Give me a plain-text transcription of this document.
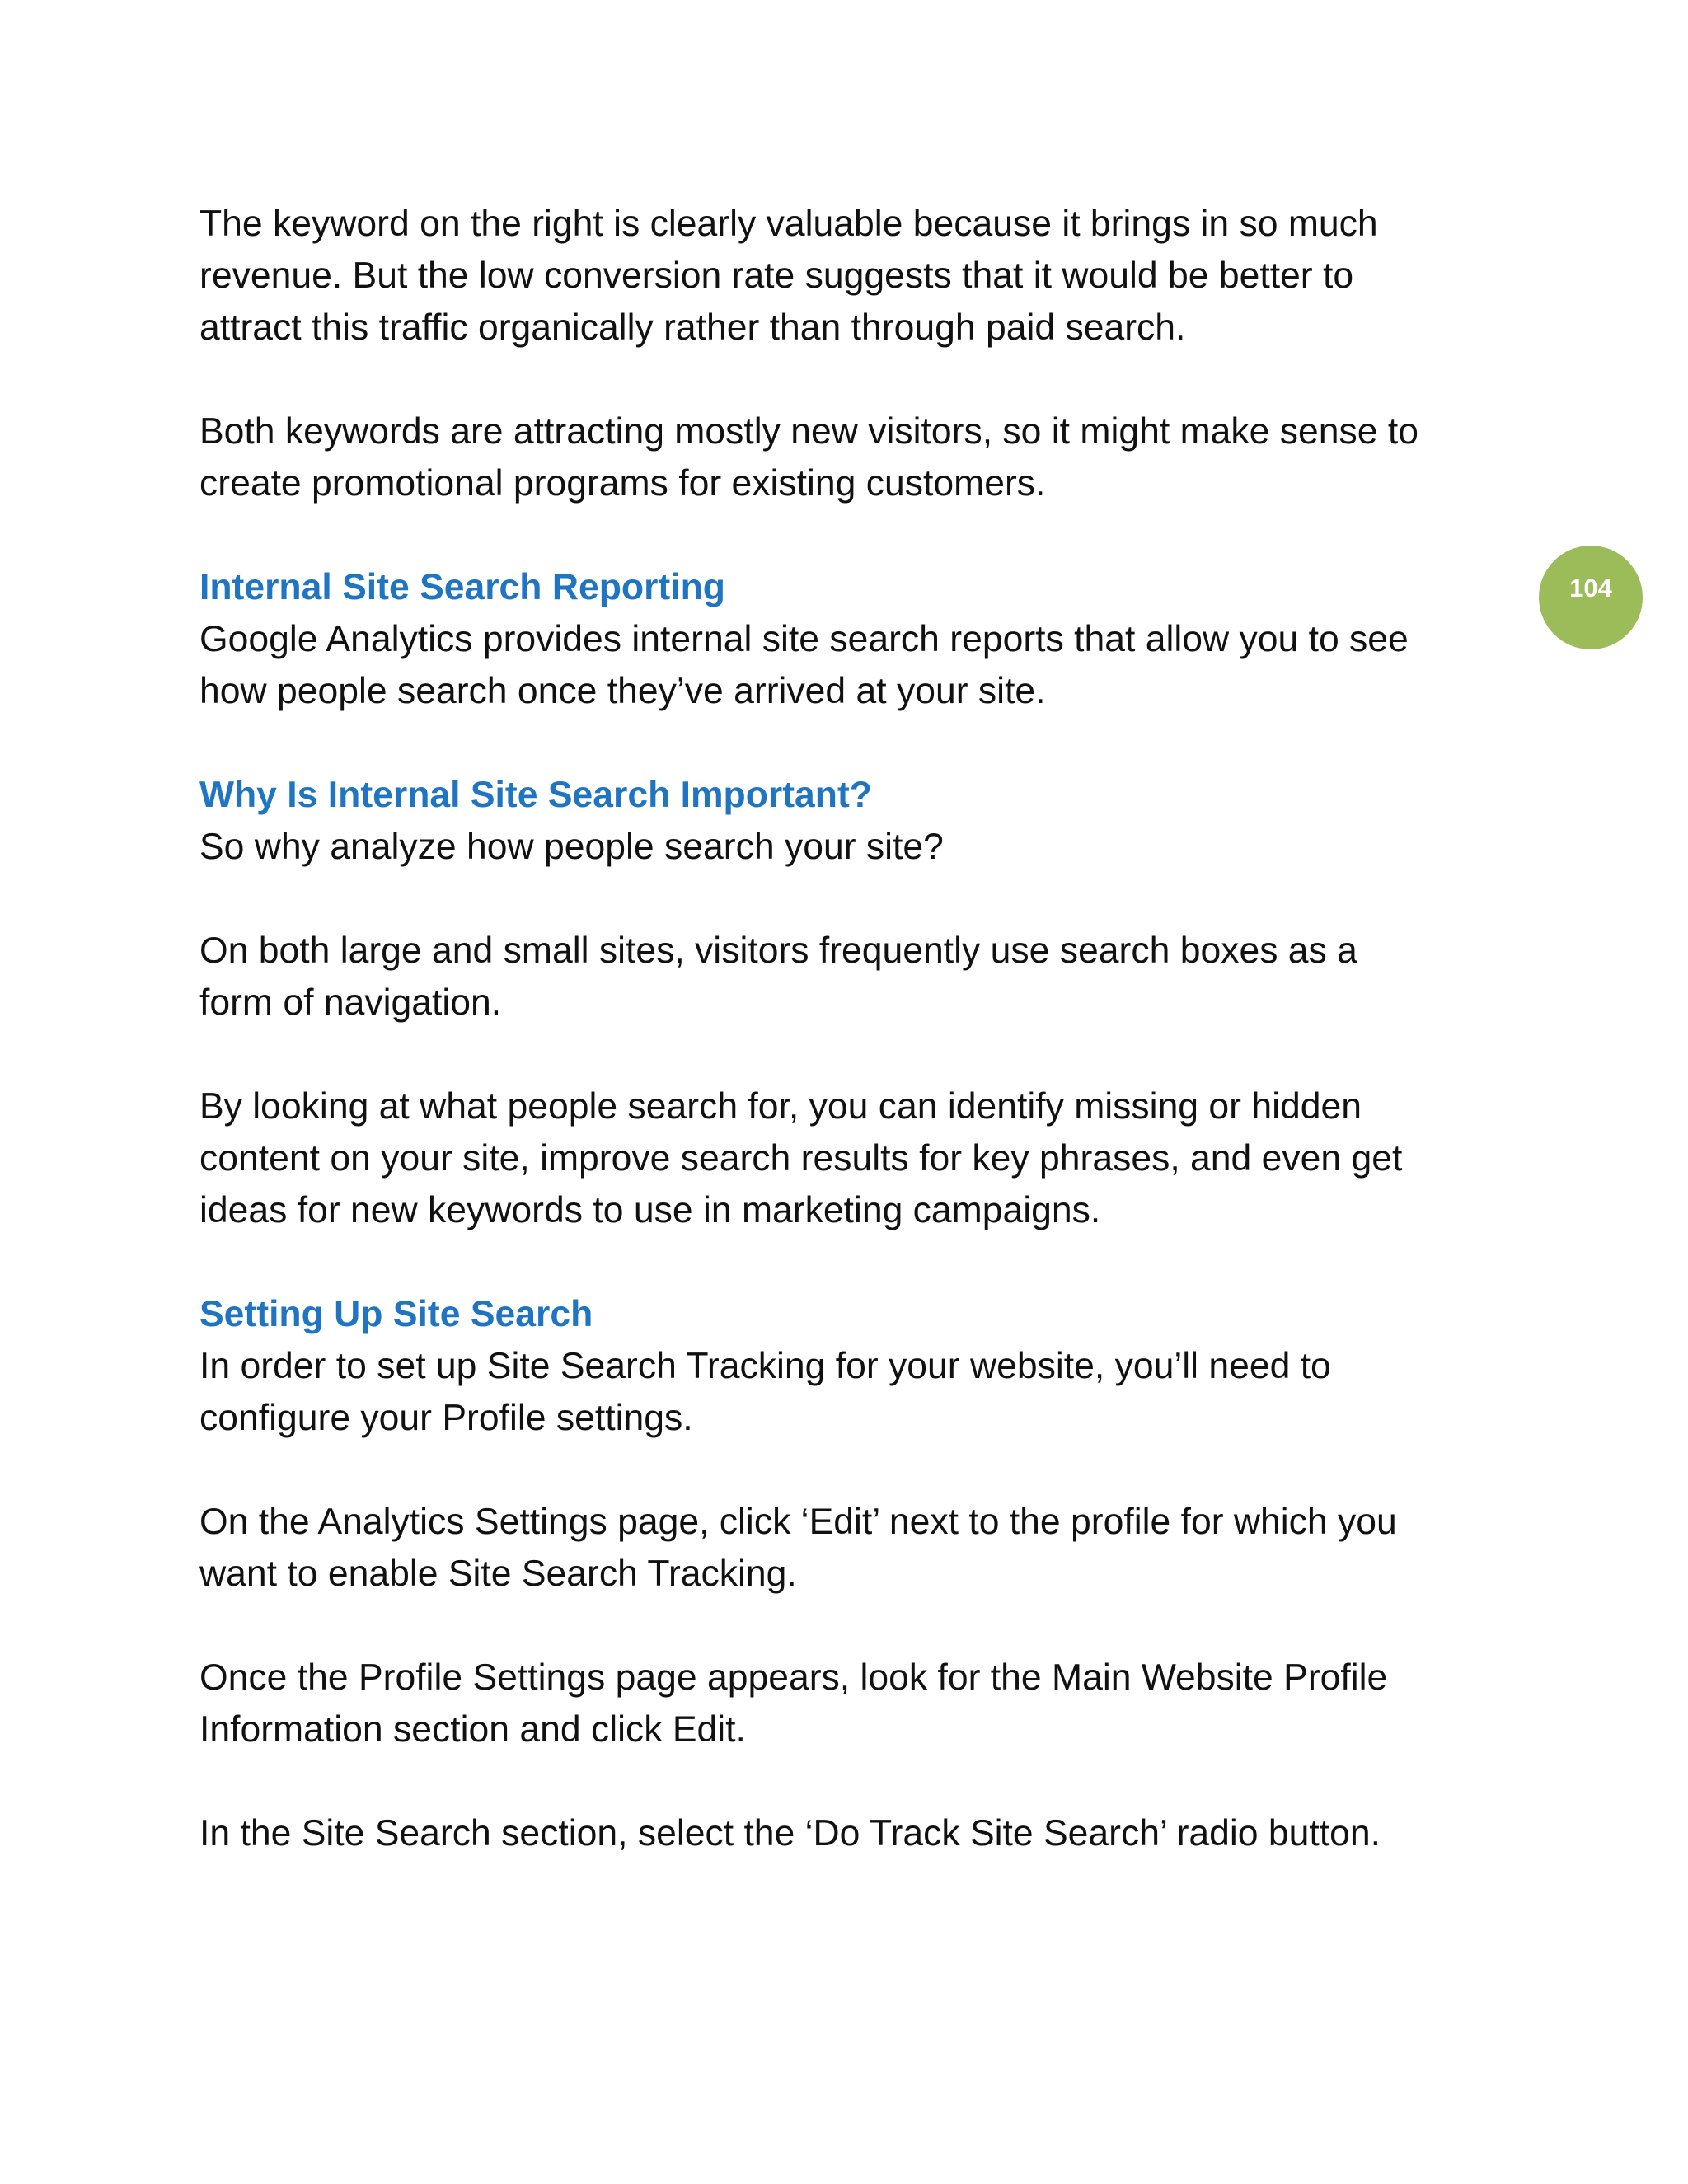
104

The keyword on the right is clearly valuable because it brings in so much
revenue. But the low conversion rate suggests that it would be better to
attract this traffic organically rather than through paid search.

Both keywords are attracting mostly new visitors, so it might make sense to
create promotional programs for existing customers.

Internal Site Search Reporting

Google Analytics provides internal site search reports that allow you to see
how people search once they’ve arrived at your site.

Why Is Internal Site Search Important?

So why analyze how people search your site?

On both large and small sites, visitors frequently use search boxes as a
form of navigation.

By looking at what people search for, you can identify missing or hidden
content on your site, improve search results for key phrases, and even get
ideas for new keywords to use in marketing campaigns.

Setting Up Site Search

In order to set up Site Search Tracking for your website, you’ll need to
configure your Profile settings.

On the Analytics Settings page, click ‘Edit’ next to the profile for which you
want to enable Site Search Tracking.

Once the Profile Settings page appears, look for the Main Website Profile
Information section and click Edit.

In the Site Search section, select the ‘Do Track Site Search’ radio button.
